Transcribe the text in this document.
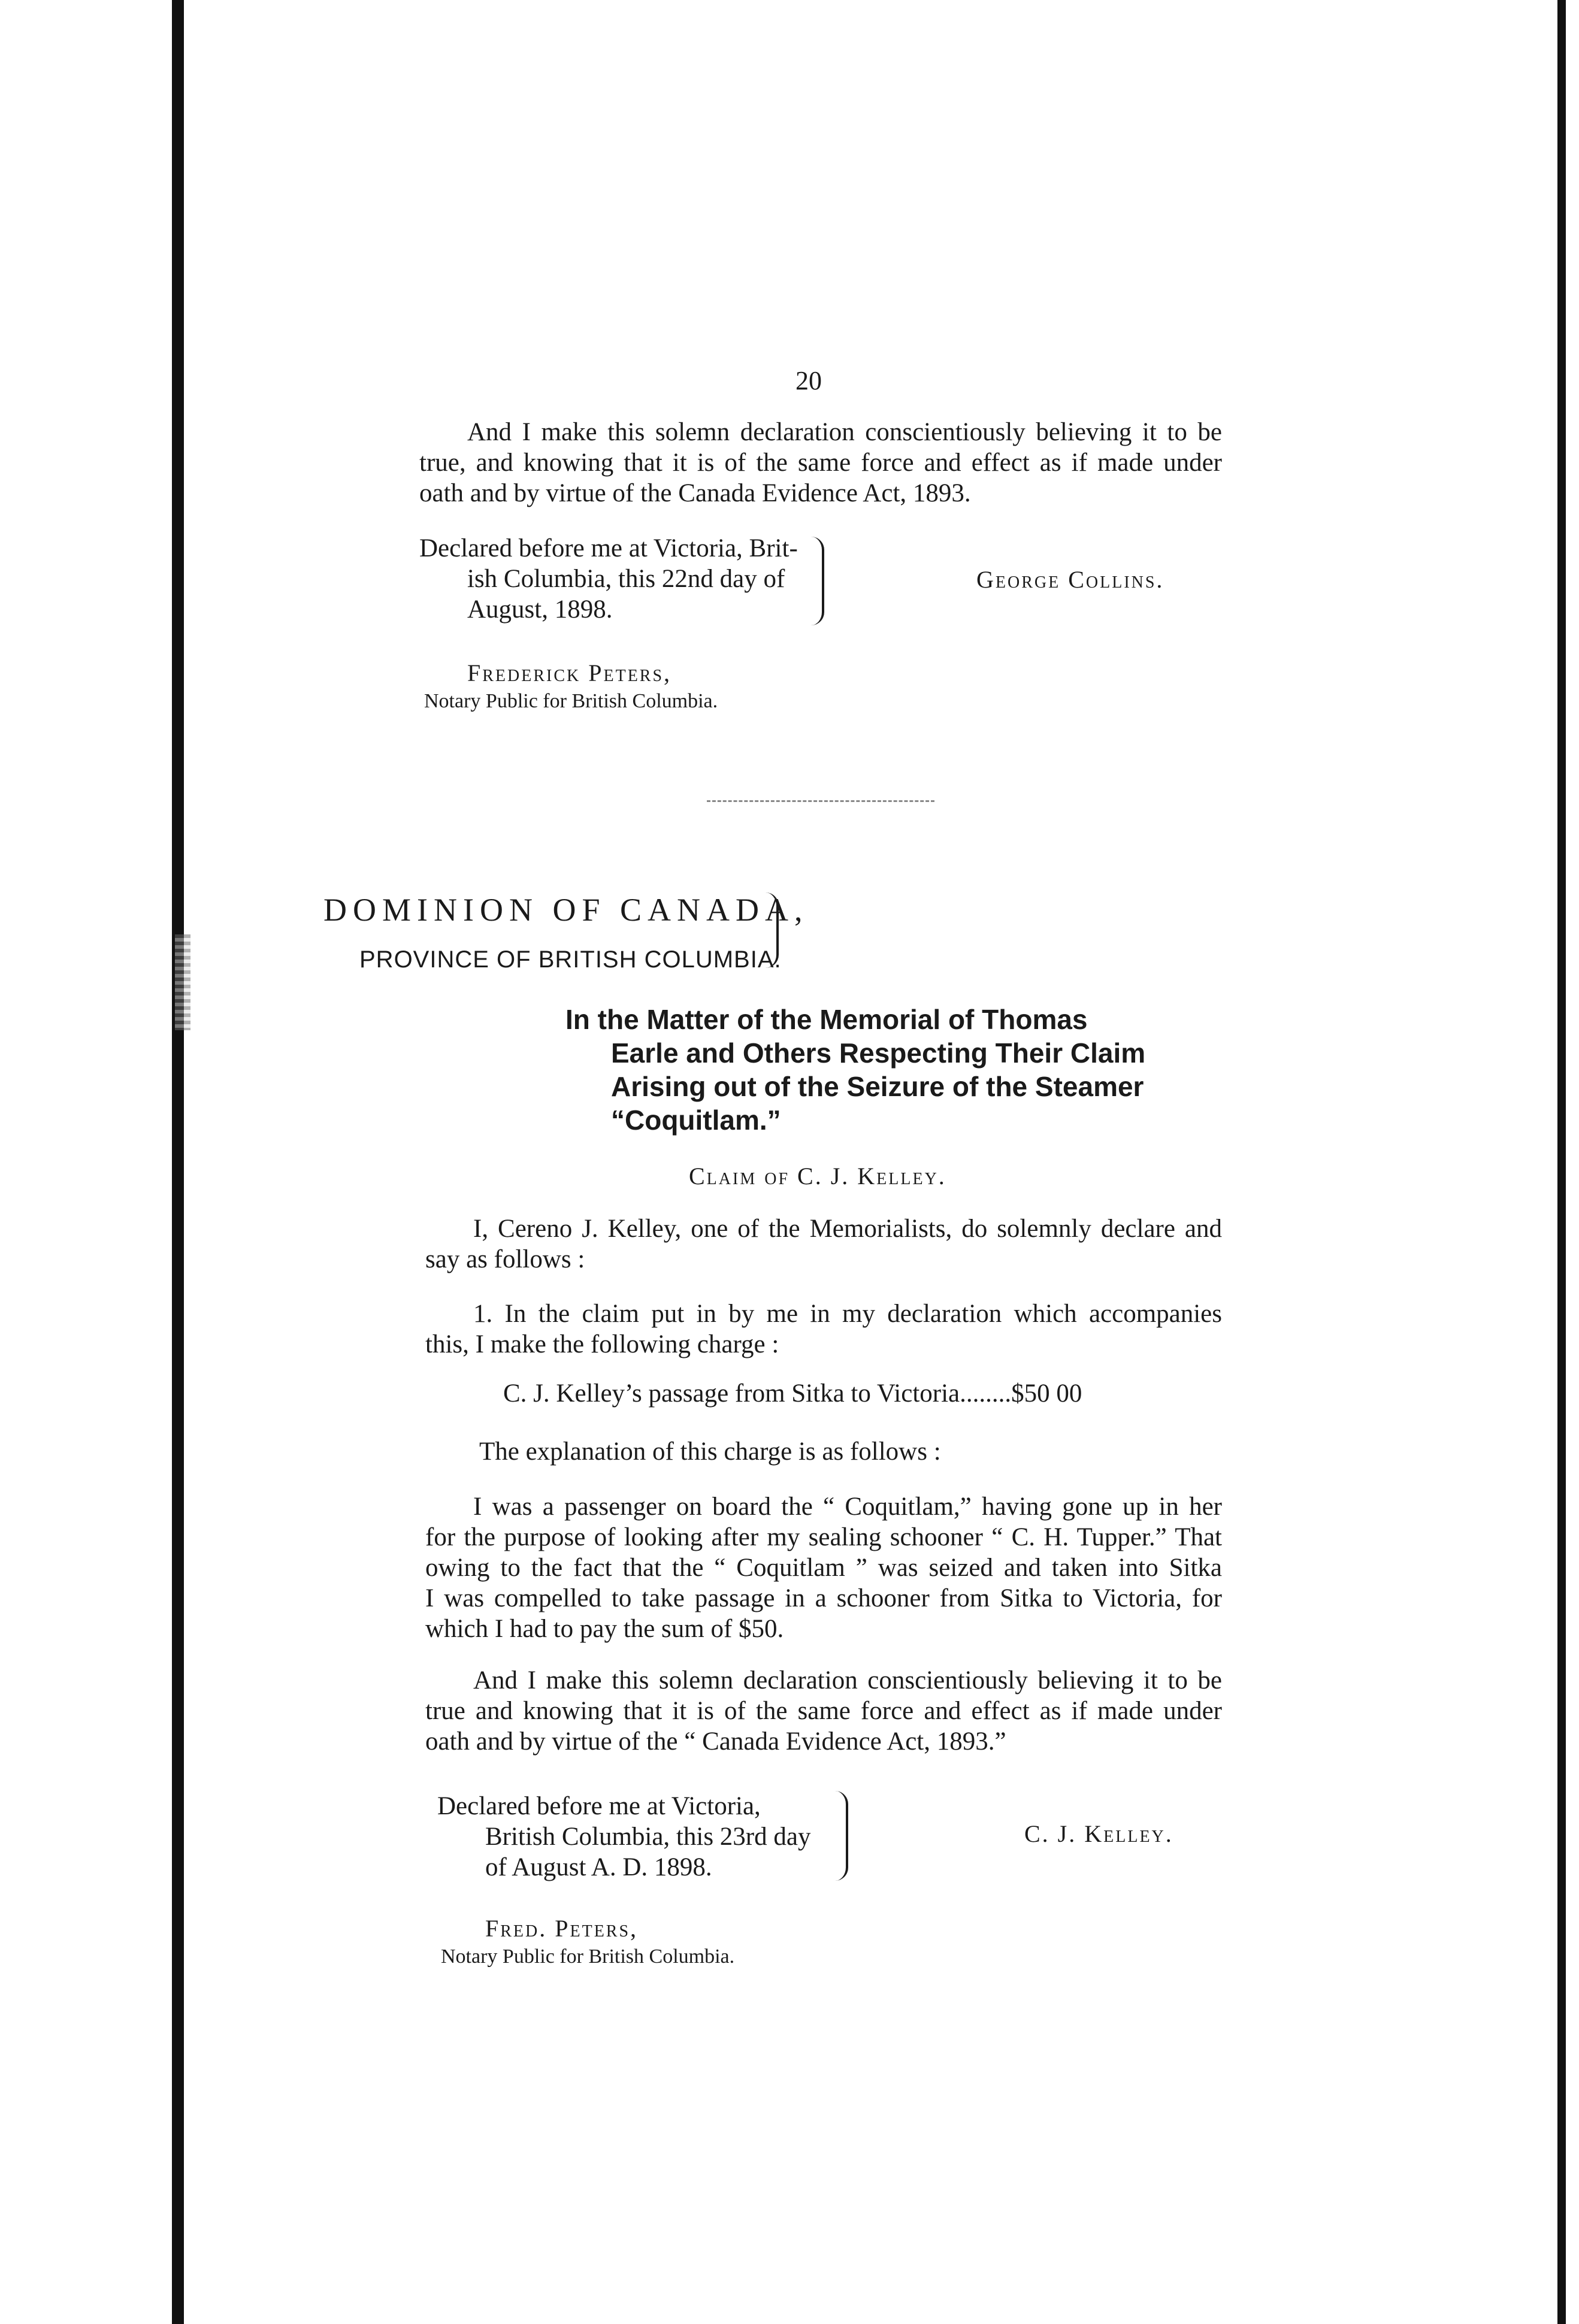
20
And I make this solemn declaration conscientiously believing it to be
true, and knowing that it is of the same force and effect as if made under
oath and by virtue of the Canada Evidence Act, 1893.
Declared before me at Victoria, Brit-
ish Columbia, this 22nd day of
August, 1898.
George Collins.
Frederick Peters,
Notary Public for British Columbia.
DOMINION OF CANADA,
PROVINCE OF BRITISH COLUMBIA.
In the Matter of the Memorial of Thomas
Earle and Others Respecting Their Claim
Arising out of the Seizure of the Steamer
“Coquitlam.”
Claim of C. J. Kelley.
I, Cereno J. Kelley, one of the Memorialists, do solemnly declare and
say as follows :
1. In the claim put in by me in my declaration which accompanies
this, I make the following charge :
C. J. Kelley’s passage from Sitka to Victoria........$50 00
The explanation of this charge is as follows :
I was a passenger on board the “ Coquitlam,” having gone up in her
for the purpose of looking after my sealing schooner “ C. H. Tupper.” That
owing to the fact that the “ Coquitlam ” was seized and taken into Sitka
I was compelled to take passage in a schooner from Sitka to Victoria, for
which I had to pay the sum of $50.
And I make this solemn declaration conscientiously believing it to be
true and knowing that it is of the same force and effect as if made under
oath and by virtue of the “ Canada Evidence Act, 1893.”
Declared before me at Victoria,
British Columbia, this 23rd day
of August A. D. 1898.
C. J. Kelley.
Fred. Peters,
Notary Public for British Columbia.
